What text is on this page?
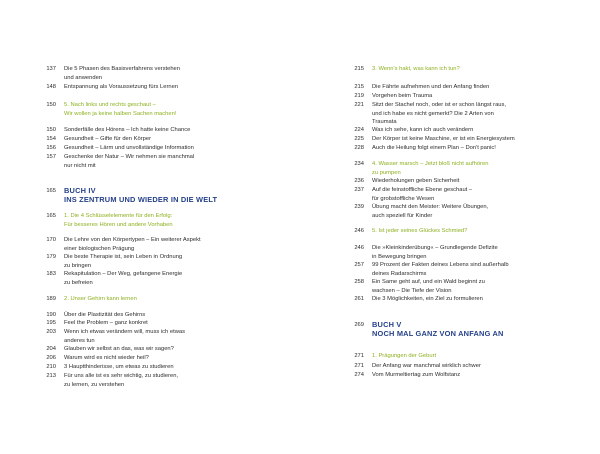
137 Die 5 Phasen des Basisverfahrens verstehen
und anwenden
148 Entspannung als Voraussetzung fürs Lernen
150 5. Nach links und rechts geschaut –
Wir wollen ja keine halben Sachen machen!
150 Sonderfälle des Hörens – Ich hatte keine Chance
154 Gesundheit – Gifte für den Körper
156 Gesundheit – Lärm und unvollständige Information
157 Geschenke der Natur – Wir nehmen sie manchmal
nur nicht mit
165 BUCH IV
INS ZENTRUM UND WIEDER IN DIE WELT
165 1. Die 4 Schlüsselelemente für den Erfolg:
Für besseres Hören und andere Vorhaben
170 Die Lehre von den Körpertypen – Ein weiterer Aspekt
einer biologischen Prägung
179 Die beste Therapie ist, sein Leben in Ordnung
zu bringen
183 Rekapitulation – Der Weg, gefangene Energie
zu befreien
189 2. Unser Gehirn kann lernen
190 Über die Plastizität des Gehirns
195 Feel the Problem – ganz konkret
203 Wenn ich etwas verändern will, muss ich etwas
anderes tun
204 Glauben wir selbst an das, was wir sagen?
206 Warum wird es nicht wieder heil?
210 3 Hauptthinderisse, um etwas zu studieren
213 Für uns alle ist es sehr wichtig, zu studieren,
zu lernen, zu verstehen
215 3. Wenn's hakt, was kann ich tun?
215 Die Fährte aufnehmen und den Anfang finden
219 Vorgehen beim Trauma
221 Sitzt der Stachel noch, oder ist er schon längst raus,
und ich habe es nicht gemerkt? Die 2 Arten von
Traumata
224 Was ich sehe, kann ich auch verändern
225 Der Körper ist keine Maschine, er ist ein Energiesystem
228 Auch die Heilung folgt einem Plan – Don't panic!
234 4. Wasser marsch – Jetzt bloß nicht aufhören
zu pumpen
236 Wiederholungen geben Sicherheit
237 Auf die feinstoffliche Ebene geschaut –
für grobstoffliche Wesen
239 Übung macht den Meister: Weitere Übungen,
auch speziell für Kinder
246 5. Ist jeder seines Glückes Schmied?
246 Die »Kleinkinderübung« – Grundlegende Defizite
in Bewegung bringen
257 99 Prozent der Fakten deines Lebens sind außerhalb
deines Radarschirms
258 Ein Same geht auf, und ein Wald beginnt zu
wachsen – Die Tiefe der Vision
261 Die 3 Möglichkeiten, ein Ziel zu formulieren
269 BUCH V
NOCH MAL GANZ VON ANFANG AN
271 1. Prägungen der Geburt
271 Der Anfang war manchmal wirklich schwer
274 Vom Murmeltiertag zum Wolfstanz
